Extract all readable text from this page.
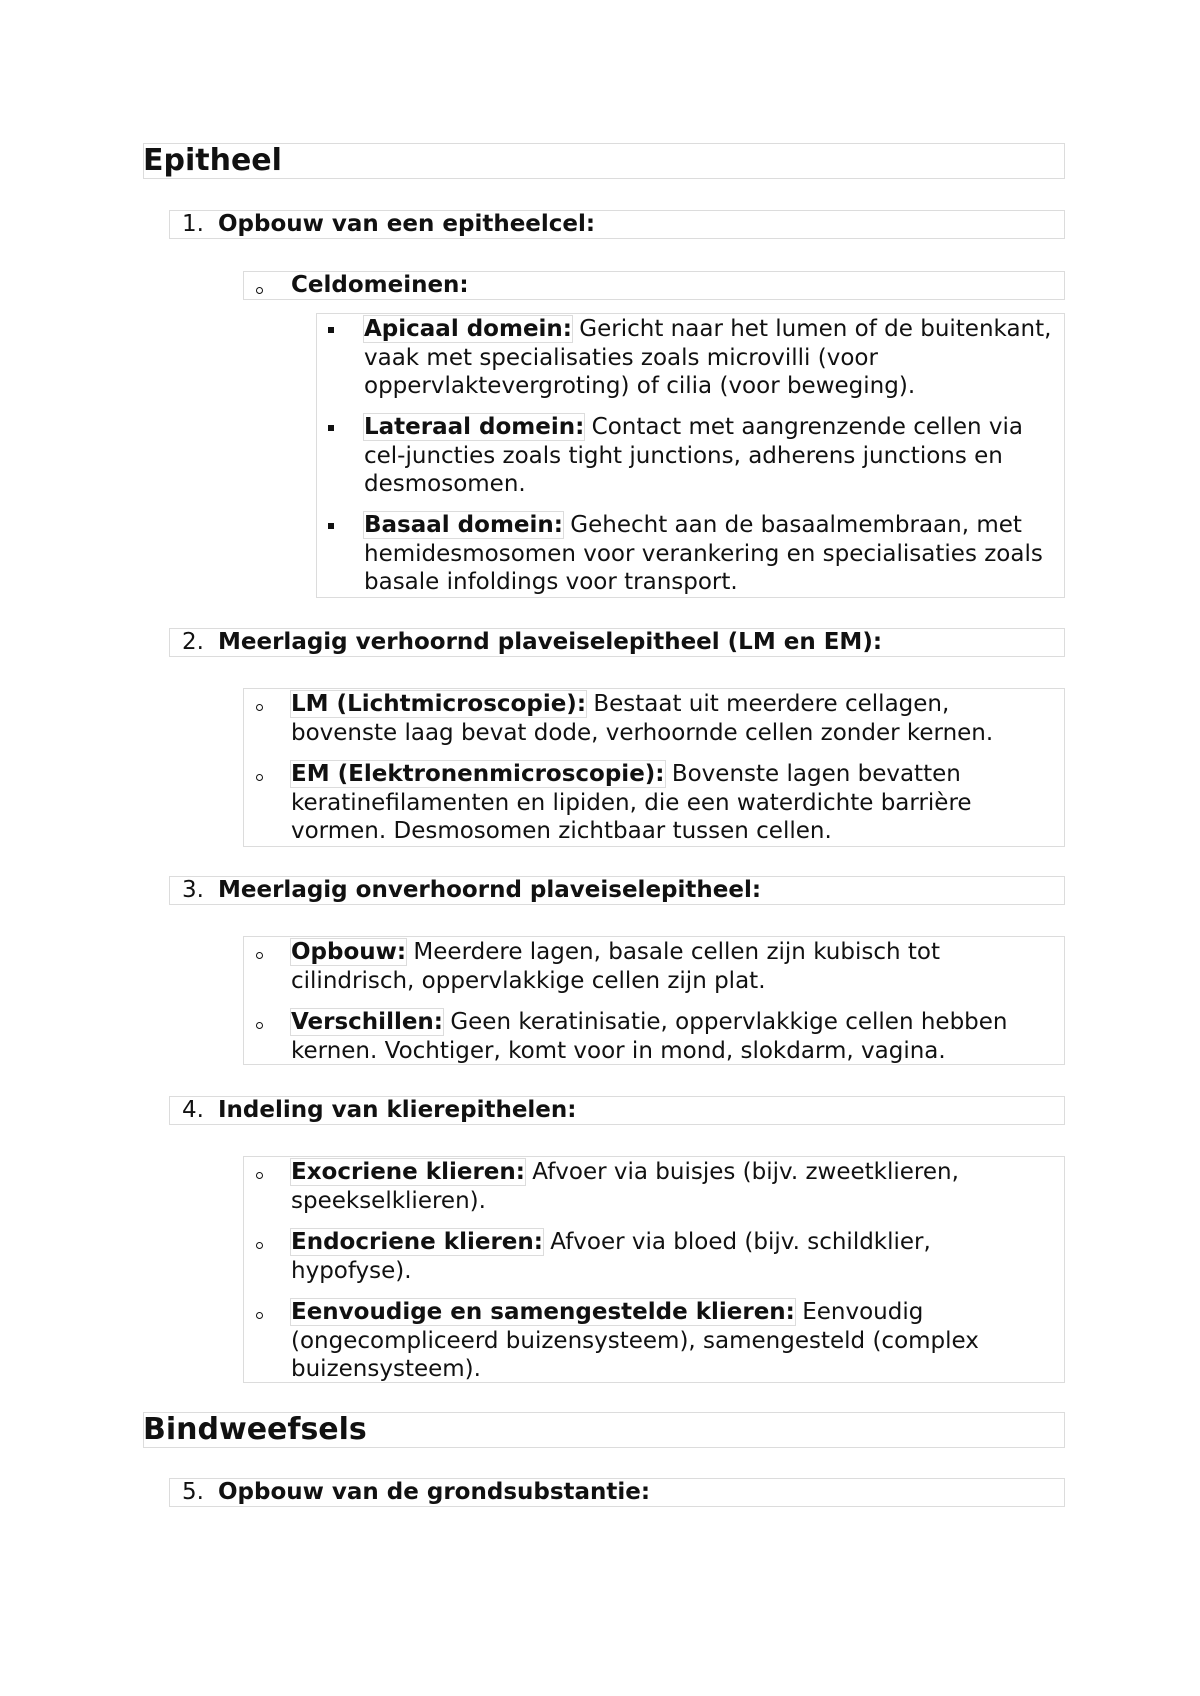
Epitheel
1. Opbouw van een epitheelcel:
Celdomeinen:
Apicaal domein: Gericht naar het lumen of de buitenkant, vaak met specialisaties zoals microvilli (voor oppervlaktevergroting) of cilia (voor beweging).
Lateraal domein: Contact met aangrenzende cellen via cel-juncties zoals tight junctions, adherens junctions en desmosomen.
Basaal domein: Gehecht aan de basaalmembraan, met hemidesmosomen voor verankering en specialisaties zoals basale infoldings voor transport.
2. Meerlagig verhoornd plaveiselepitheel (LM en EM):
LM (Lichtmicroscopie): Bestaat uit meerdere cellagen, bovenste laag bevat dode, verhoornde cellen zonder kernen.
EM (Elektronenmicroscopie): Bovenste lagen bevatten keratinefilamenten en lipiden, die een waterdichte barrière vormen. Desmosomen zichtbaar tussen cellen.
3. Meerlagig onverhoornd plaveiselepitheel:
Opbouw: Meerdere lagen, basale cellen zijn kubisch tot cilindrisch, oppervlakkige cellen zijn plat.
Verschillen: Geen keratinisatie, oppervlakkige cellen hebben kernen. Vochtiger, komt voor in mond, slokdarm, vagina.
4. Indeling van klierepithelen:
Exocriene klieren: Afvoer via buisjes (bijv. zweetklieren, speekselklieren).
Endocriene klieren: Afvoer via bloed (bijv. schildklier, hypofyse).
Eenvoudige en samengestelde klieren: Eenvoudig (ongecompliceerd buizensysteem), samengesteld (complex buizensysteem).
Bindweefsels
5. Opbouw van de grondsubstantie:
